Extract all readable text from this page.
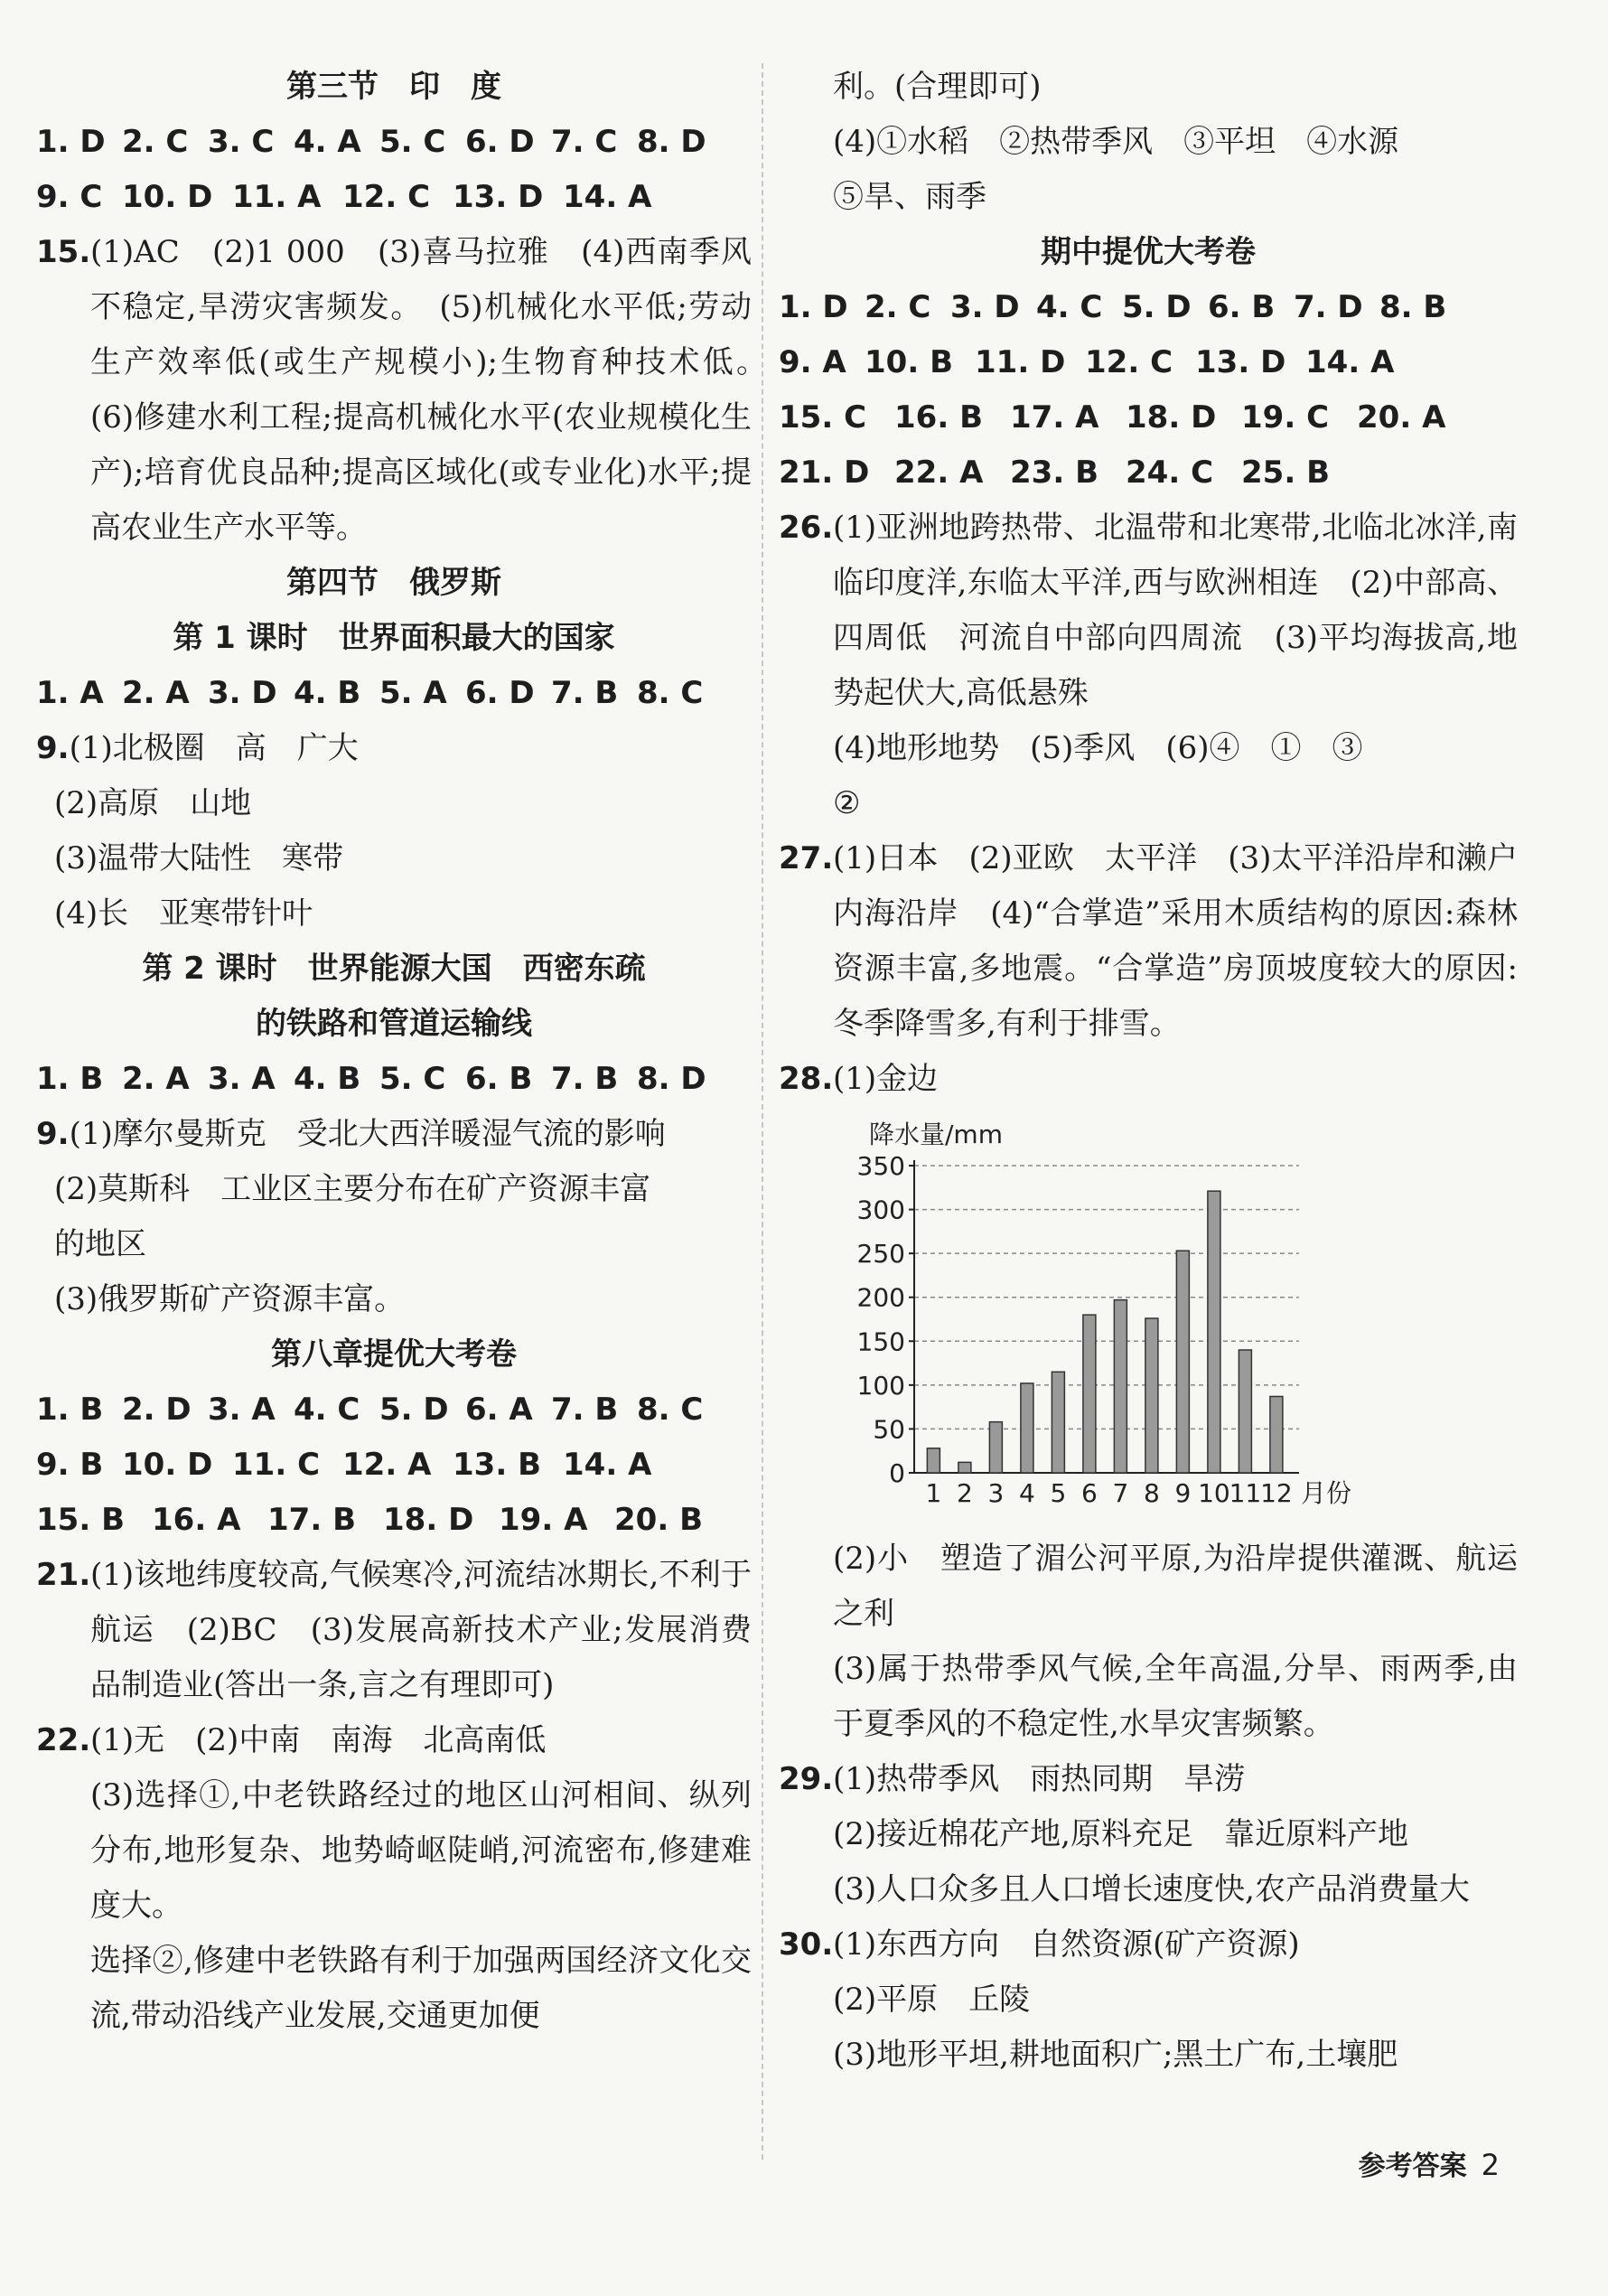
第三节　印　度
1. D 2. C 3. C 4. A 5. C 6. D 7. C 8. D
9. C 10. D 11. A 12. C 13. D 14. A
15. (1)AC　(2)1 000　(3)喜马拉雅　(4)西南季风不稳定,旱涝灾害频发。　(5)机械化水平低;劳动生产效率低(或生产规模小);生物育种技术低。　(6)修建水利工程;提高机械化水平(农业规模化生产);培育优良品种;提高区域化(或专业化)水平;提高农业生产水平等。
第四节　俄罗斯
第 1 课时　世界面积最大的国家
1. A 2. A 3. D 4. B 5. A 6. D 7. B 8. C
9.(1)北极圈　高　广大
(2)高原　山地
(3)温带大陆性　寒带
(4)长　亚寒带针叶
第 2 课时　世界能源大国　西密东疏
的铁路和管道运输线
1. B 2. A 3. A 4. B 5. C 6. B 7. B 8. D
9.(1)摩尔曼斯克　受北大西洋暖湿气流的影响
(2)莫斯科　工业区主要分布在矿产资源丰富
的地区
(3)俄罗斯矿产资源丰富。
第八章提优大考卷
1. B 2. D 3. A 4. C 5. D 6. A 7. B 8. C
9. B 10. D 11. C 12. A 13. B 14. A
15. B 16. A 17. B 18. D 19. A 20. B
21. (1)该地纬度较高,气候寒冷,河流结冰期长,不利于航运　(2)BC　(3)发展高新技术产业;发展消费品制造业(答出一条,言之有理即可)
22. (1)无　(2)中南　南海　北高南低
(3)选择①,中老铁路经过的地区山河相间、纵列分布,地形复杂、地势崎岖陡峭,河流密布,修建难度大。
选择②,修建中老铁路有利于加强两国经济文化交流,带动沿线产业发展,交通更加便
利。(合理即可)
(4)①水稻　②热带季风　③平坦　④水源
⑤旱、雨季
期中提优大考卷
1. D 2. C 3. D 4. C 5. D 6. B 7. D 8. B
9. A 10. B 11. D 12. C 13. D 14. A
15. C 16. B 17. A 18. D 19. C 20. A
21. D 22. A 23. B 24. C 25. B
26. (1)亚洲地跨热带、北温带和北寒带,北临北冰洋,南临印度洋,东临太平洋,西与欧洲相连　(2)中部高、四周低　河流自中部向四周流　(3)平均海拔高,地势起伏大,高低悬殊
(4)地形地势　(5)季风　(6)④　①　③
②
27. (1)日本　(2)亚欧　太平洋　(3)太平洋沿岸和濑户内海沿岸　(4)“合掌造”采用木质结构的原因:森林资源丰富,多地震。“合掌造”房顶坡度较大的原因:冬季降雪多,有利于排雪。
28. (1)金边
降水量/mm
0
50
100
150
200
250
300
350
1 2 3 4 5 6 7 8 9 10
11
12 月份
(2)小　塑造了湄公河平原,为沿岸提供灌溉、航运之利
(3)属于热带季风气候,全年高温,分旱、雨两季,由于夏季风的不稳定性,水旱灾害频繁。
29. (1)热带季风　雨热同期　旱涝
(2)接近棉花产地,原料充足　靠近原料产地
(3)人口众多且人口增长速度快,农产品消费量大
30. (1)东西方向　自然资源(矿产资源)
(2)平原　丘陵
(3)地形平坦,耕地面积广;黑土广布,土壤肥
参考答案 2
